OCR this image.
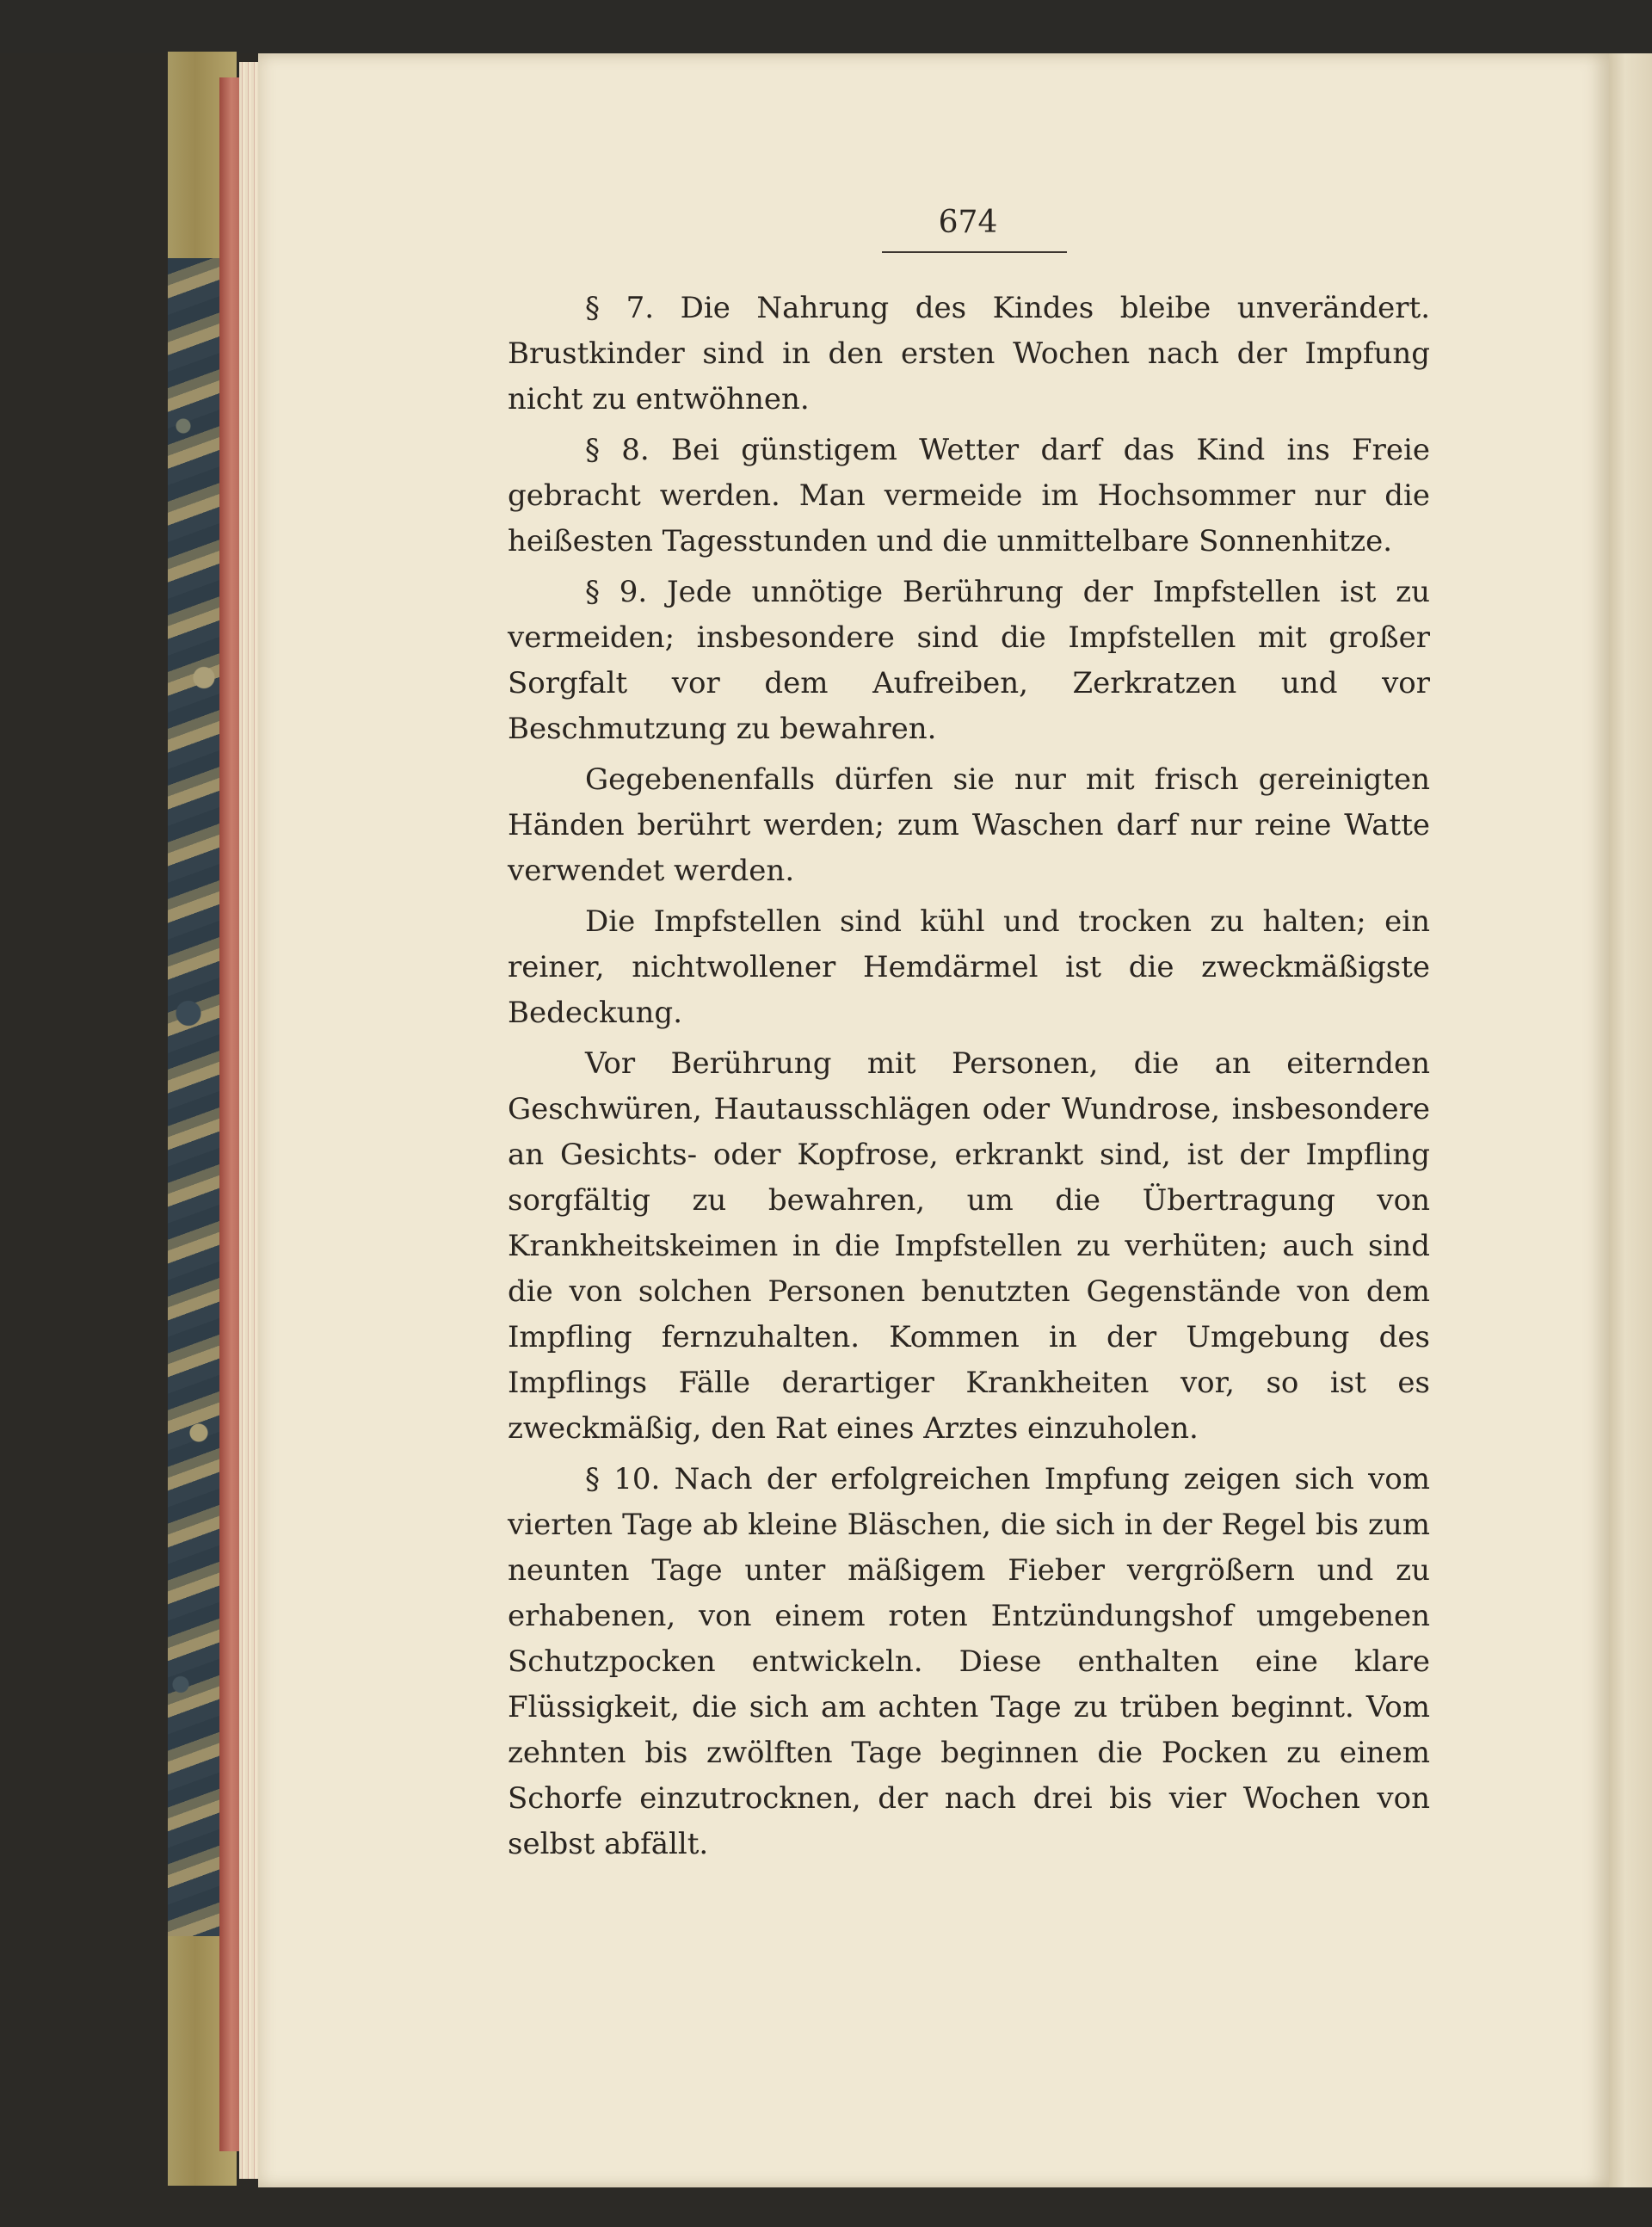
674

§ 7. Die Nahrung des Kindes bleibe unverändert. Brustkinder sind in den ersten Wochen nach der Impfung nicht zu entwöhnen.

§ 8. Bei günstigem Wetter darf das Kind ins Freie gebracht werden. Man vermeide im Hochsommer nur die heißesten Tagesstunden und die unmittelbare Sonnenhitze.

§ 9. Jede unnötige Berührung der Impfstellen ist zu vermeiden; insbesondere sind die Impfstellen mit großer Sorgfalt vor dem Aufreiben, Zerkratzen und vor Beschmutzung zu bewahren.

Gegebenenfalls dürfen sie nur mit frisch gereinigten Händen berührt werden; zum Waschen darf nur reine Watte verwendet werden.

Die Impfstellen sind kühl und trocken zu halten; ein reiner, nichtwollener Hemdärmel ist die zweckmäßigste Bedeckung.

Vor Berührung mit Personen, die an eiternden Geschwüren, Hautausschlägen oder Wundrose, insbesondere an Gesichts- oder Kopfrose, erkrankt sind, ist der Impfling sorgfältig zu bewahren, um die Übertragung von Krankheitskeimen in die Impfstellen zu verhüten; auch sind die von solchen Personen benutzten Gegenstände von dem Impfling fernzuhalten. Kommen in der Umgebung des Impflings Fälle derartiger Krankheiten vor, so ist es zweckmäßig, den Rat eines Arztes einzuholen.

§ 10. Nach der erfolgreichen Impfung zeigen sich vom vierten Tage ab kleine Bläschen, die sich in der Regel bis zum neunten Tage unter mäßigem Fieber vergrößern und zu erhabenen, von einem roten Entzündungshof umgebenen Schutzpocken entwickeln. Diese enthalten eine klare Flüssigkeit, die sich am achten Tage zu trüben beginnt. Vom zehnten bis zwölften Tage beginnen die Pocken zu einem Schorfe einzutrocknen, der nach drei bis vier Wochen von selbst abfällt.
